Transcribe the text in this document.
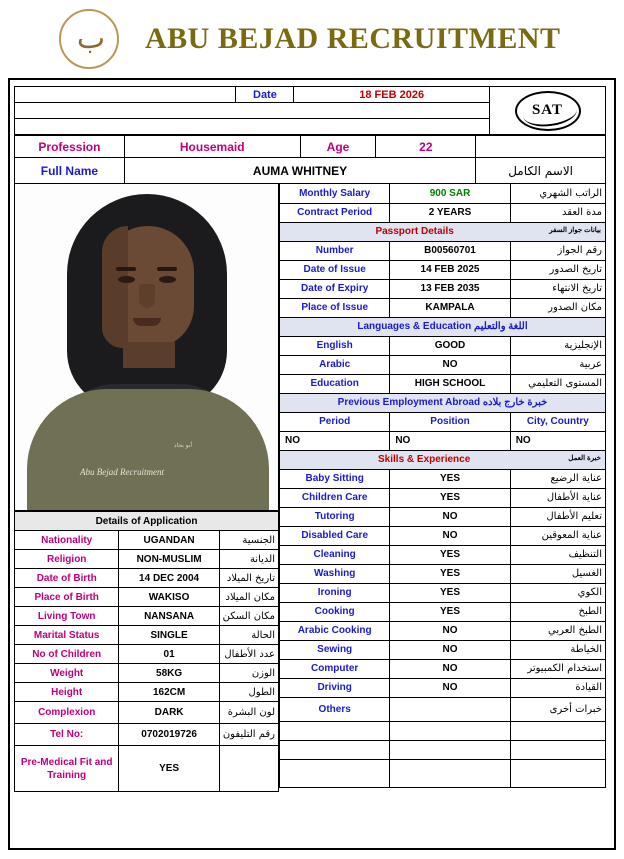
ب	ABU BEJAD RECRUITMENT
	Date	18 FEB 2026

SAT
Profession	Housemaid	Age	22	
Full Name	AUMA WHITNEY			الاسم الكامل
أبو بجاد
Abu Bejad Recruitment
Details of Application		
Nationality	UGANDAN	الجنسية
Religion	NON-MUSLIM	الديانة
Date of Birth	14 DEC 2004	تاريخ الميلاد
Place of Birth	WAKISO	مكان الميلاد
Living Town	NANSANA	مكان السكن
Marital Status	SINGLE	الحالة
No of Children	01	عدد الأطفال
Weight	58KG	الوزن
Height	162CM	الطول
Complexion	DARK	لون البشرة
Tel No:	0702019726	رقم التليفون
Pre-Medical Fit and Training	YES	
Monthly Salary	900 SAR	الراتب الشهري
Contract Period	2 YEARS	مدة العقد
Passport Details بيانات جواز السفر		

Number	B00560701	رقم الجواز
Date of Issue	14 FEB 2025	تاريخ الصدور
Date of Expiry	13 FEB 2035	تاريخ الانتهاء
Place of Issue	KAMPALA	مكان الصدور
Languages & Education اللغة والتعليم		
English	GOOD	الإنجليزية
Arabic	NO	عربية
Education	HIGH SCHOOL	المستوى التعليمي
Previous Employment Abroad خبرة خارج بلاده		
Period	Position	City, Country
NO	NO	NO
Skills & Experience خبرة العمل		

Baby Sitting	YES	عناية الرضيع
Children Care	YES	عناية الأطفال
Tutoring	NO	تعليم الأطفال
Disabled Care	NO	عناية المعوقين
Cleaning	YES	التنظيف
Washing	YES	الغسيل
Ironing	YES	الكوي
Cooking	YES	الطبخ
Arabic Cooking	NO	الطبخ العربي
Sewing	NO	الخياطة
Computer	NO	استخدام الكمبيوتر
Driving	NO	القيادة
Others		خبرات أخرى
